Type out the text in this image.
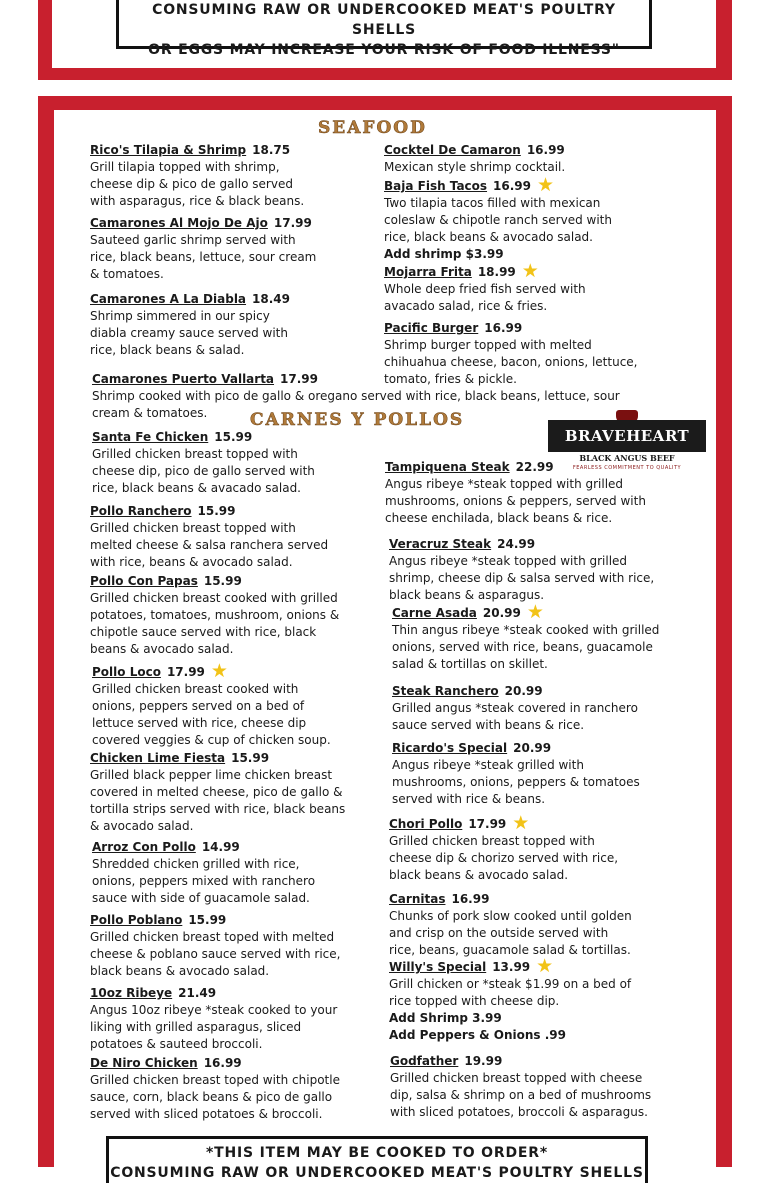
CONSUMING RAW OR UNDERCOOKED MEAT'S POULTRY SHELLS
OR EGGS MAY INCREASE YOUR RISK OF FOOD ILLNESS"
SEAFOOD
Rico's Tilapia & Shrimp 18.75
Grill tilapia topped with shrimp,
cheese dip & pico de gallo served
with asparagus, rice & black beans.
Camarones Al Mojo De Ajo 17.99
Sauteed garlic shrimp served with
rice, black beans, lettuce, sour cream
& tomatoes.
Camarones A La Diabla 18.49
Shrimp simmered in our spicy
diabla creamy sauce served with
rice, black beans & salad.
Cocktel De Camaron 16.99
Mexican style shrimp cocktail.
Baja Fish Tacos 16.99 ★
Two tilapia tacos filled with mexican
coleslaw & chipotle ranch served with
rice, black beans & avocado salad.
Add shrimp $3.99
Mojarra Frita 18.99 ★
Whole deep fried fish served with
avacado salad, rice & fries.
Pacific Burger 16.99
Shrimp burger topped with melted
chihuahua cheese, bacon, onions, lettuce,
tomato, fries & pickle.
Camarones Puerto Vallarta 17.99
Shrimp cooked with pico de gallo & oregano served with rice, black beans, lettuce, sour
cream & tomatoes.	CARNES Y POLLOS
BRAVEHEART
BLACK ANGUS BEEF
FEARLESS COMMITMENT TO QUALITY
Santa Fe Chicken 15.99
Grilled chicken breast topped with
cheese dip, pico de gallo served with
rice, black beans & avacado salad.
Pollo Ranchero 15.99
Grilled chicken breast topped with
melted cheese & salsa ranchera served
with rice, beans & avocado salad.
Pollo Con Papas 15.99
Grilled chicken breast cooked with grilled
potatoes, tomatoes, mushroom, onions &
chipotle sauce served with rice, black
beans & avocado salad.
Pollo Loco 17.99 ★
Grilled chicken breast cooked with
onions, peppers served on a bed of
lettuce served with rice, cheese dip
covered veggies & cup of chicken soup.
Chicken Lime Fiesta 15.99
Grilled black pepper lime chicken breast
covered in melted cheese, pico de gallo &
tortilla strips served with rice, black beans
& avocado salad.
Arroz Con Pollo 14.99
Shredded chicken grilled with rice,
onions, peppers mixed with ranchero
sauce with side of guacamole salad.
Pollo Poblano 15.99
Grilled chicken breast toped with melted
cheese & poblano sauce served with rice,
black beans & avocado salad.
10oz Ribeye 21.49
Angus 10oz ribeye *steak cooked to your
liking with grilled asparagus, sliced
potatoes & sauteed broccoli.
De Niro Chicken 16.99
Grilled chicken breast toped with chipotle
sauce, corn, black beans & pico de gallo
served with sliced potatoes & broccoli.
Tampiquena Steak 22.99
Angus ribeye *steak topped with grilled
mushrooms, onions & peppers, served with
cheese enchilada, black beans & rice.
Veracruz Steak 24.99
Angus ribeye *steak topped with grilled
shrimp, cheese dip & salsa served with rice,
black beans & asparagus.
Carne Asada 20.99 ★
Thin angus ribeye *steak cooked with grilled
onions, served with rice, beans, guacamole
salad & tortillas on skillet.
Steak Ranchero 20.99
Grilled angus *steak covered in ranchero
sauce served with beans & rice.
Ricardo's Special 20.99
Angus ribeye *steak grilled with
mushrooms, onions, peppers & tomatoes
served with rice & beans.
Chori Pollo 17.99 ★
Grilled chicken breast topped with
cheese dip & chorizo served with rice,
black beans & avocado salad.
Carnitas 16.99
Chunks of pork slow cooked until golden
and crisp on the outside served with
rice, beans, guacamole salad & tortillas.
Willy's Special 13.99 ★
Grill chicken or *steak $1.99 on a bed of
rice topped with cheese dip.
Add Shrimp 3.99
Add Peppers & Onions .99
Godfather 19.99
Grilled chicken breast topped with cheese
dip, salsa & shrimp on a bed of mushrooms
with sliced potatoes, broccoli & asparagus.
*THIS ITEM MAY BE COOKED TO ORDER*
CONSUMING RAW OR UNDERCOOKED MEAT'S POULTRY SHELLS
